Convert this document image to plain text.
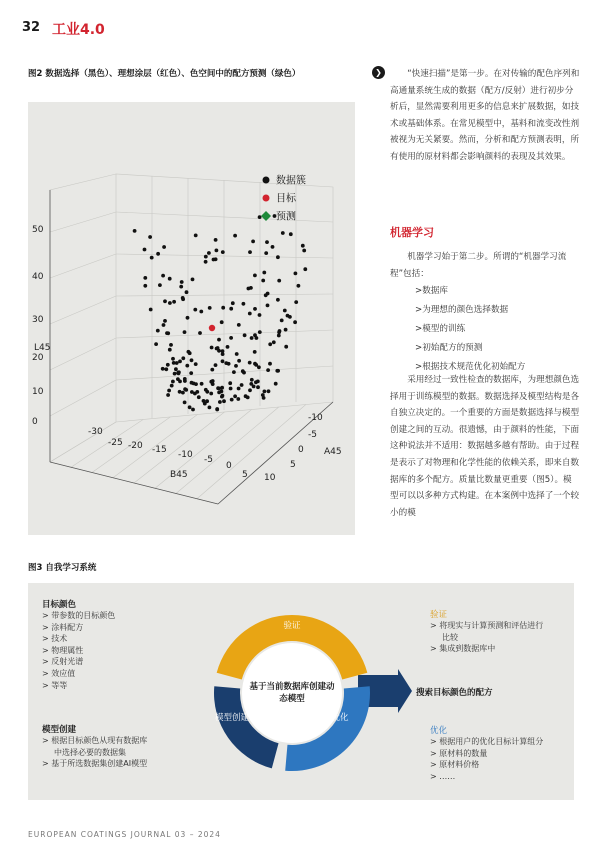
32 工业4.0
图2 数据选择（黑色）、理想涂层（红色）、色空间中的配方预测（绿色）
50
40
30
20
10
0
-30
-25 -20 -15 -10 -5
0
5 10
-10
-5
0
5
L45
B45
A45
数据簇
目标
预测
❯	“快速扫描”是第一步。在对传输的配色序列和高通量系统生成的数据（配方/反射）进行初步分析后，显然需要利用更多的信息来扩展数据，如技术或基础体系。在常见模型中，基料和流变改性剂被视为无关紧要。然而，分析和配方预测表明，所有使用的原材料都会影响颜料的表现及其效果。

机器学习

机器学习始于第二步。所谓的“机器学习流程”包括：

>数据库
>为理想的颜色选择数据
>模型的训练
>初始配方的预测
>根据技术规范优化初始配方

采用经过一致性检查的数据库，为理想颜色选择用于训练模型的数据。数据选择及模型结构是各自独立决定的。一个重要的方面是数据选择与模型创建之间的互动。很遗憾，由于颜料的性能，下面这种说法并不适用：数据越多越有帮助。由于过程是表示了对物理和化学性能的依赖关系，即来自数据库的多个配方。质量比数量更重要（图5）。模型可以以多种方式构建。在本案例中选择了一个较小的模

图3 自我学习系统
基于当前数据库创建动
态模型
验证
模型创建	优化
目标颜色
> 带参数的目标颜色
> 涂料配方
> 技术
> 物理属性
> 反射光谱
> 效应值
> 等等
验证
> 将现实与计算预测和评估进行
比较
> 集成到数据库中
搜索目标颜色的配方
模型创建
> 根据目标颜色从现有数据库
中选择必要的数据集
> 基于所选数据集创建AI模型
优化
> 根据用户的优化目标计算组分
> 原材料的数量
> 原材料价格
> ……
EUROPEAN COATINGS JOURNAL 03 – 2024
